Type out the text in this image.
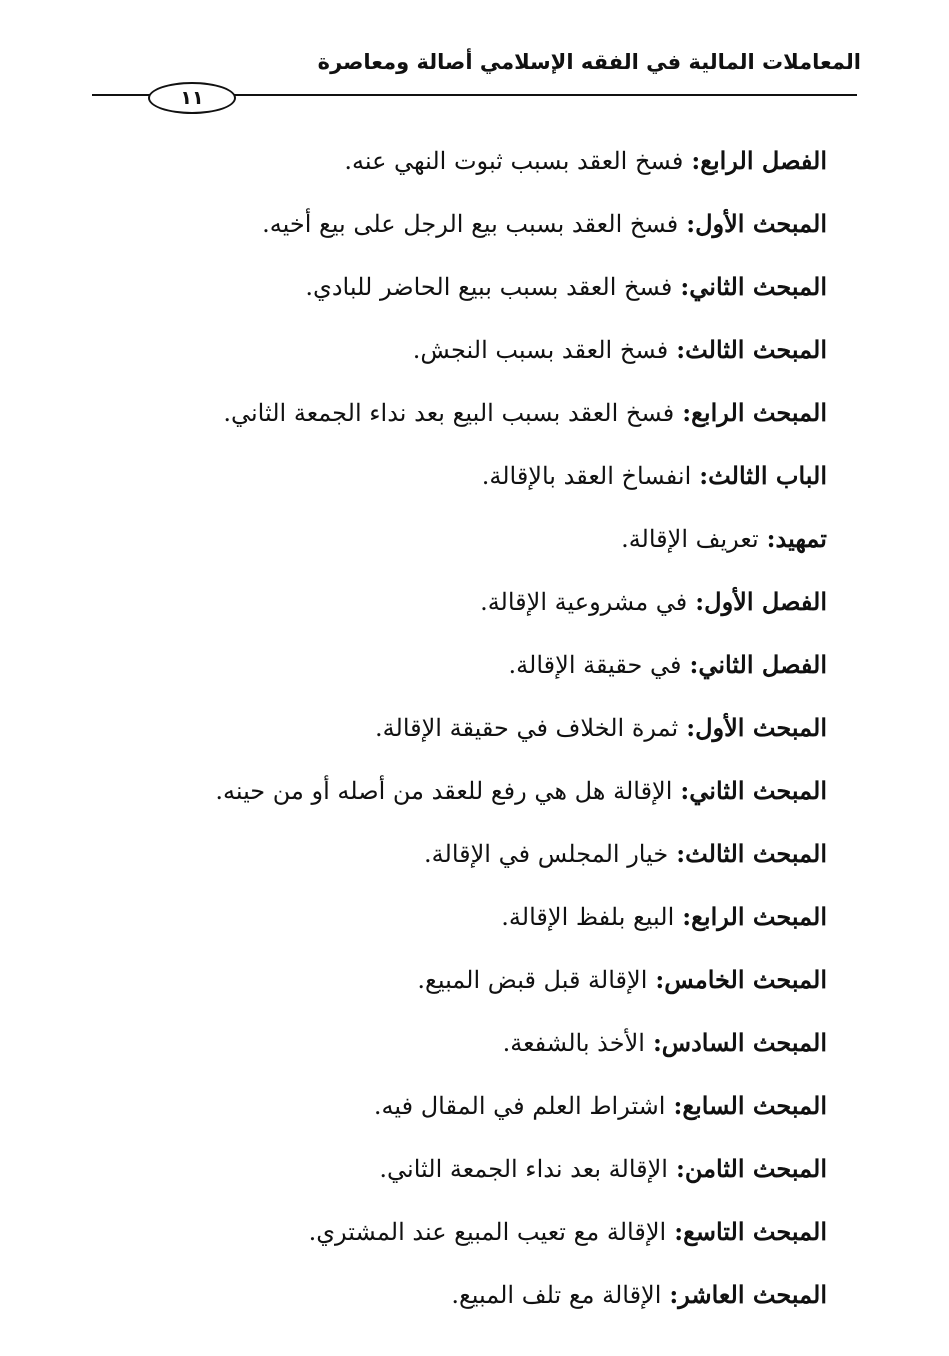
المعاملات المالية في الفقه الإسلامي أصالة ومعاصرة
١١
الفصل الرابع:فسخ العقد بسبب ثبوت النهي عنه.
المبحث الأول:فسخ العقد بسبب بيع الرجل على بيع أخيه.
المبحث الثاني:فسخ العقد بسبب ببيع الحاضر للبادي.
المبحث الثالث:فسخ العقد بسبب النجش.
المبحث الرابع:فسخ العقد بسبب البيع بعد نداء الجمعة الثاني.
الباب الثالث:انفساخ العقد بالإقالة.
تمهيد:تعريف الإقالة.
الفصل الأول:في مشروعية الإقالة.
الفصل الثاني:في حقيقة الإقالة.
المبحث الأول:ثمرة الخلاف في حقيقة الإقالة.
المبحث الثاني:الإقالة هل هي رفع للعقد من أصله أو من حينه.
المبحث الثالث:خيار المجلس في الإقالة.
المبحث الرابع:البيع بلفظ الإقالة.
المبحث الخامس:الإقالة قبل قبض المبيع.
المبحث السادس:الأخذ بالشفعة.
المبحث السابع:اشتراط العلم في المقال فيه.
المبحث الثامن:الإقالة بعد نداء الجمعة الثاني.
المبحث التاسع:الإقالة مع تعيب المبيع عند المشتري.
المبحث العاشر:الإقالة مع تلف المبيع.
